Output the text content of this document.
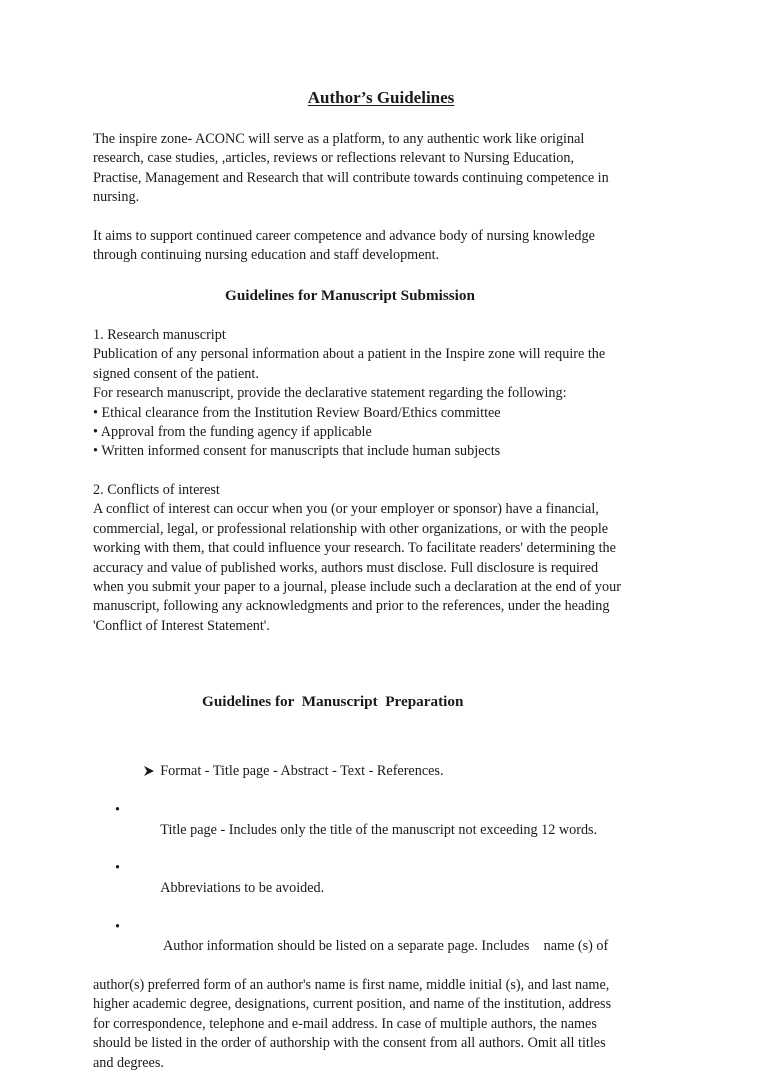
Author’s Guidelines
The inspire zone- ACONC will serve as a platform, to any authentic work like original
research, case studies, ,articles, reviews or reflections relevant to Nursing Education,
Practise, Management and Research that will contribute towards continuing competence in
nursing.
It aims to support continued career competence and advance body of nursing knowledge
through continuing nursing education and staff development.
Guidelines for Manuscript Submission
1. Research manuscript
Publication of any personal information about a patient in the Inspire zone will require the
signed consent of the patient.
For research manuscript, provide the declarative statement regarding the following:
• Ethical clearance from the Institution Review Board/Ethics committee
• Approval from the funding agency if applicable
• Written informed consent for manuscripts that include human subjects
2. Conflicts of interest
A conflict of interest can occur when you (or your employer or sponsor) have a financial,
commercial, legal, or professional relationship with other organizations, or with the people
working with them, that could influence your research. To facilitate readers' determining the
accuracy and value of published works, authors must disclose. Full disclosure is required
when you submit your paper to a journal, please include such a declaration at the end of your
manuscript, following any acknowledgments and prior to the references, under the heading
'Conflict of Interest Statement'.
Guidelines for  Manuscript  Preparation

Format - Title page - Abstract - Text - References.

•
Title page - Includes only the title of the manuscript not exceeding 12 words.

•
Abbreviations to be avoided.

•
Author information should be listed on a separate page. Includes    name (s) of

author(s) preferred form of an author's name is first name, middle initial (s), and last name,
higher academic degree, designations, current position, and name of the institution, address
for correspondence, telephone and e-mail address. In case of multiple authors, the names
should be listed in the order of authorship with the consent from all authors. Omit all titles
and degrees.
